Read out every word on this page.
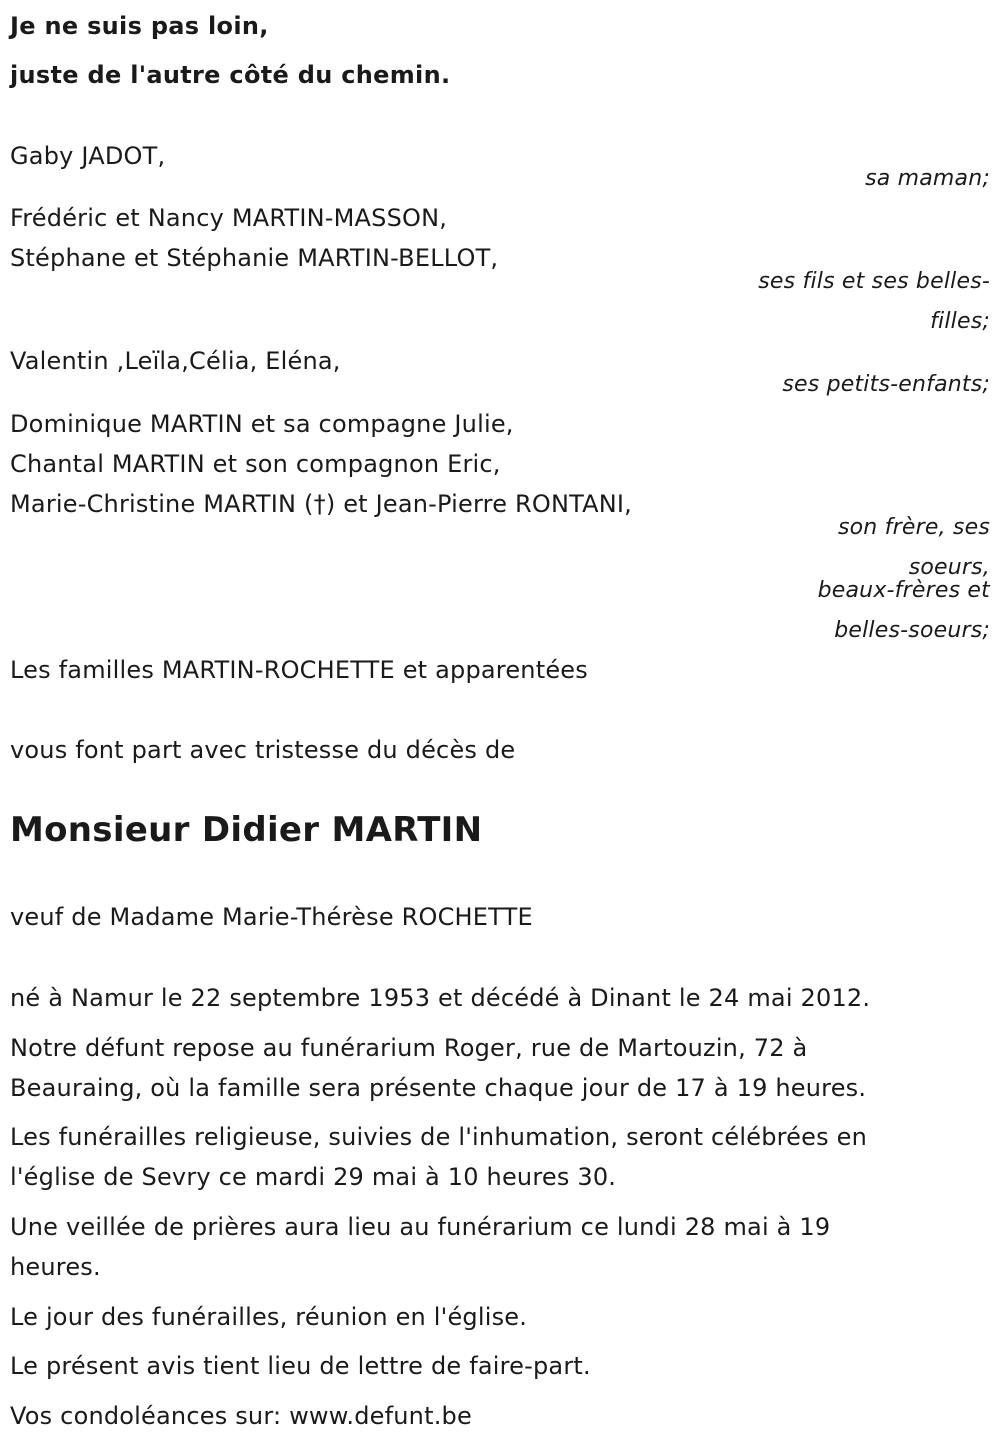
Je ne suis pas loin,

juste de l'autre côté du chemin.

Gaby JADOT,

sa maman;

Frédéric et Nancy MARTIN-MASSON,

Stéphane et Stéphanie MARTIN-BELLOT,

ses fils et ses belles-

filles;

Valentin ,Leïla,Célia, Eléna,

ses petits-enfants;

Dominique MARTIN et sa compagne Julie,

Chantal MARTIN et son compagnon Eric,

Marie-Christine MARTIN (†) et Jean-Pierre RONTANI,

son frère, ses

soeurs,

beaux-frères et

belles-soeurs;

Les familles MARTIN-ROCHETTE et apparentées

vous font part avec tristesse du décès de

Monsieur Didier MARTIN

veuf de Madame Marie-Thérèse ROCHETTE

né à Namur le 22 septembre 1953 et décédé à Dinant le 24 mai 2012.

Notre défunt repose au funérarium Roger, rue de Martouzin, 72 à

Beauraing, où la famille sera présente chaque jour de 17 à 19 heures.

Les funérailles religieuse, suivies de l'inhumation, seront célébrées en

l'église de Sevry ce mardi 29 mai à 10 heures 30.

Une veillée de prières aura lieu au funérarium ce lundi 28 mai à 19

heures.

Le jour des funérailles, réunion en l'église.

Le présent avis tient lieu de lettre de faire-part.

Vos condoléances sur: www.defunt.be
